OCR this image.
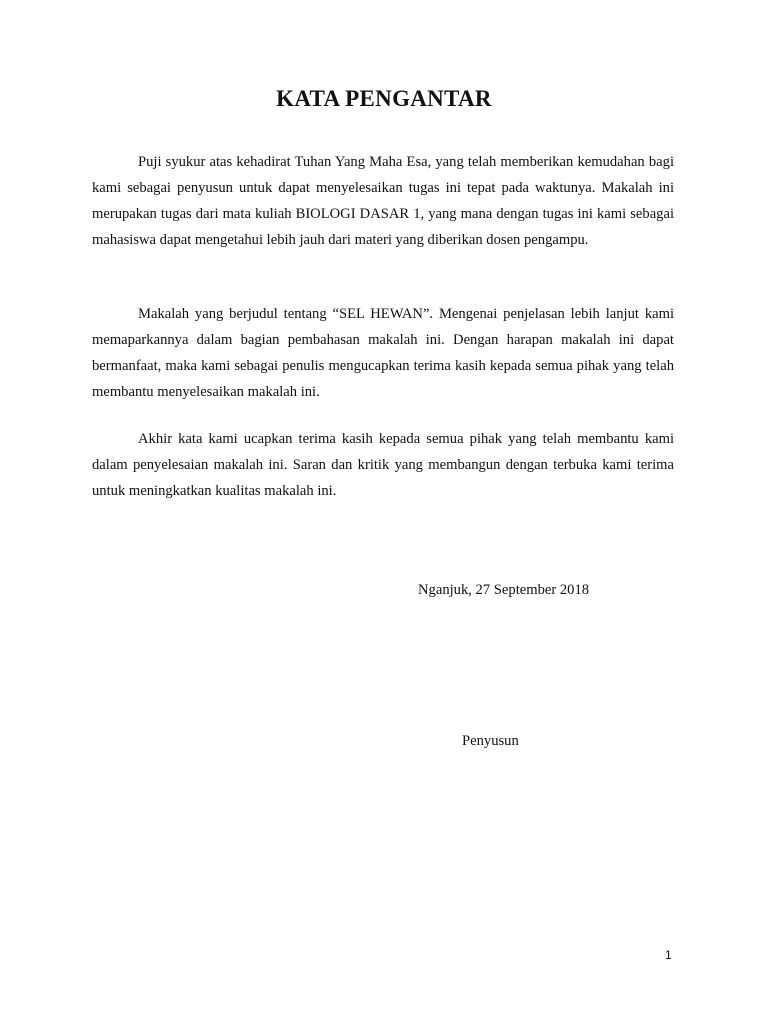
KATA PENGANTAR

Puji syukur atas kehadirat Tuhan Yang Maha Esa, yang telah memberikan kemudahan bagi kami sebagai penyusun untuk dapat menyelesaikan tugas ini tepat pada waktunya. Makalah ini merupakan tugas dari mata kuliah BIOLOGI DASAR 1, yang mana dengan tugas ini kami sebagai mahasiswa dapat mengetahui lebih jauh dari materi yang diberikan dosen pengampu.

Makalah yang berjudul tentang “SEL HEWAN”. Mengenai penjelasan lebih lanjut kami memaparkannya dalam bagian pembahasan makalah ini. Dengan harapan makalah ini dapat bermanfaat, maka kami sebagai penulis mengucapkan terima kasih kepada semua pihak yang telah membantu menyelesaikan makalah ini.

Akhir kata kami ucapkan terima kasih kepada semua pihak yang telah membantu kami dalam penyelesaian makalah ini. Saran dan kritik yang membangun dengan terbuka kami terima untuk meningkatkan kualitas makalah ini.

Nganjuk, 27 September 2018
Penyusun
1
